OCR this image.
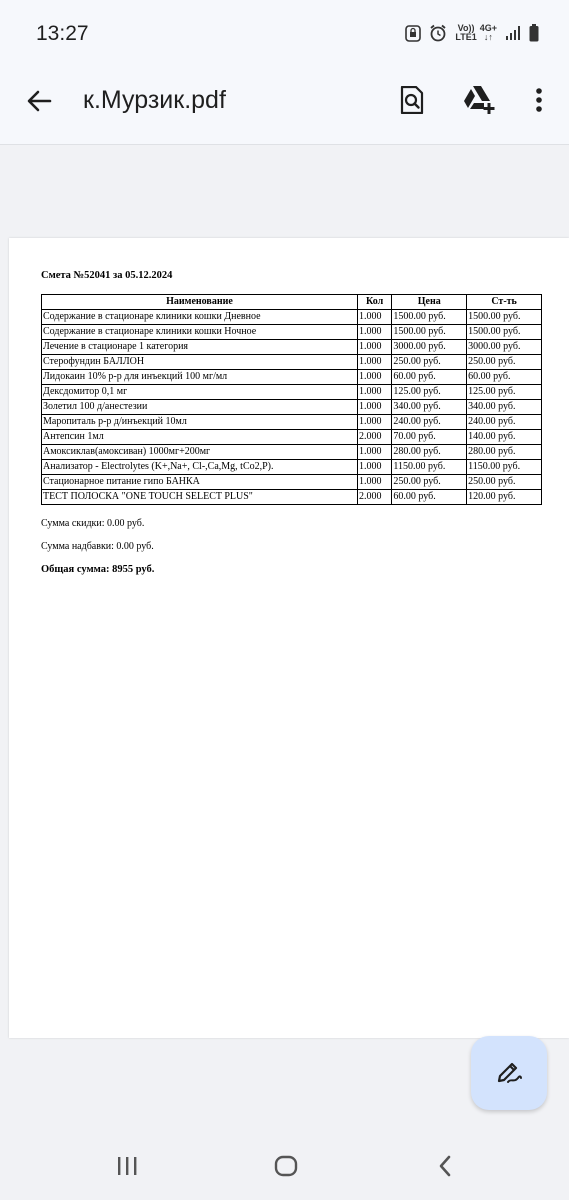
13:27	Vo))
LTE1
4G+
↓↑
к.Мурзик.pdf
Смета №52041 за 05.12.2024
Наименование	Кол	Цена	Ст-ть
Содержание в стационаре клиники кошки Дневное	1.000	1500.00 руб.	1500.00 руб.
Содержание в стационаре клиники кошки Ночное	1.000	1500.00 руб.	1500.00 руб.
Лечение в стационаре 1 категория	1.000	3000.00 руб.	3000.00 руб.
Стерофундин БАЛЛОН	1.000	250.00 руб.	250.00 руб.
Лидокаин 10% р-р для инъекций 100 мг/мл	1.000	60.00 руб.	60.00 руб.
Дексдомитор 0,1 мг	1.000	125.00 руб.	125.00 руб.
Золетил 100 д/анестезии	1.000	340.00 руб.	340.00 руб.
Маропиталь р-р д/инъекций 10мл	1.000	240.00 руб.	240.00 руб.
Антепсин 1мл	2.000	70.00 руб.	140.00 руб.
Амоксиклав(амоксиван) 1000мг+200мг	1.000	280.00 руб.	280.00 руб.
Анализатор - Electrolytes (K+,Na+, Cl-,Ca,Mg, tCo2,P).	1.000	1150.00 руб.	1150.00 руб.
Стационарное питание гипо БАНКА	1.000	250.00 руб.	250.00 руб.
ТЕСТ ПОЛОСКА "ONE TOUCH SELECT PLUS"	2.000	60.00 руб.	120.00 руб.
Сумма скидки: 0.00 руб.
Сумма надбавки: 0.00 руб.
Общая сумма: 8955 руб.
